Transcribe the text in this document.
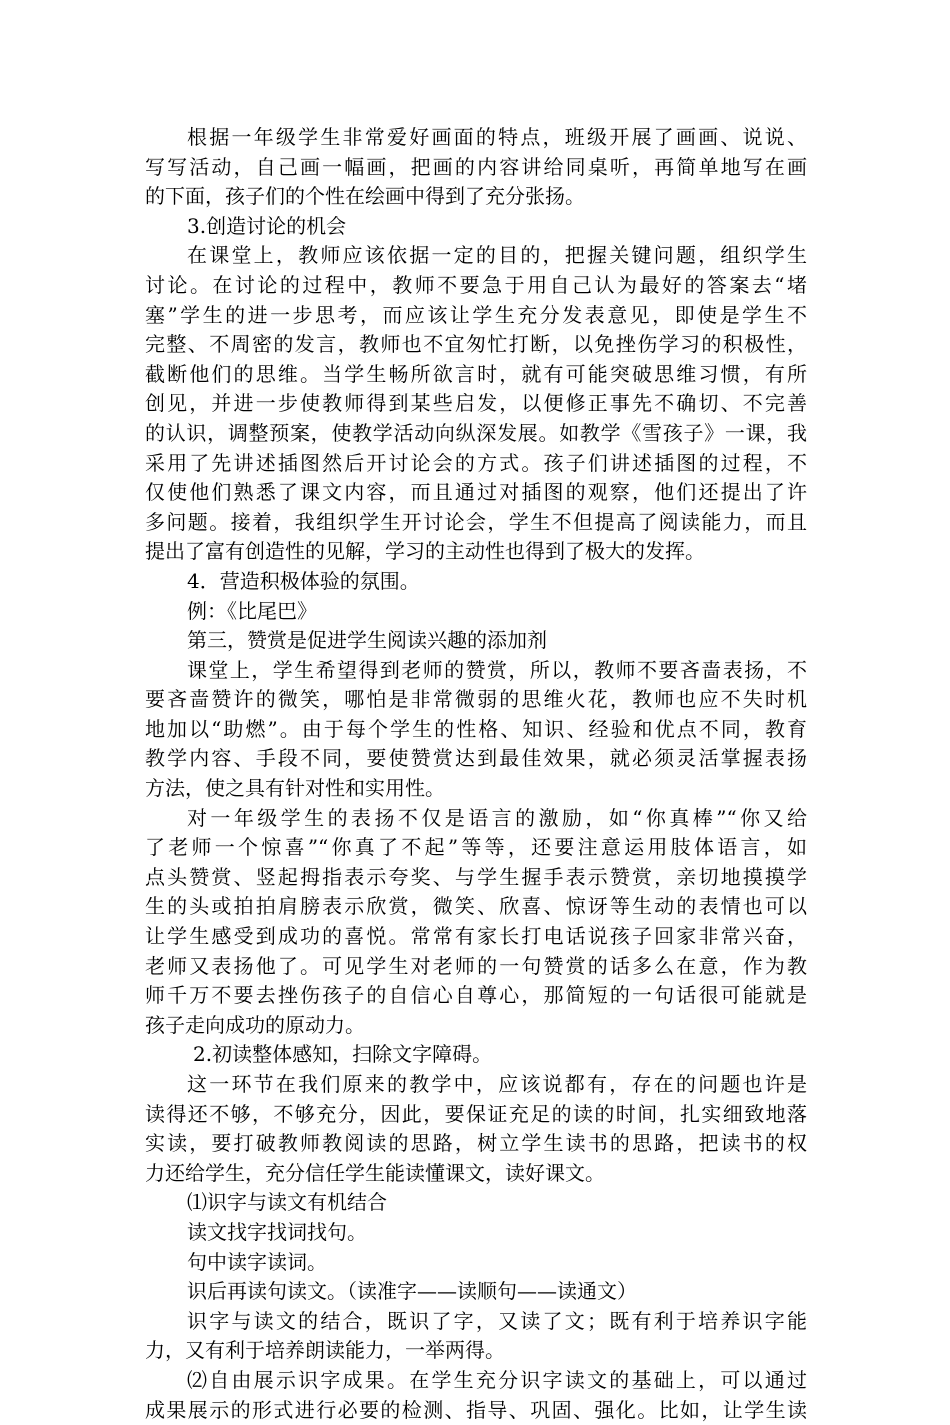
根据一年级学生非常爱好画面的特点，班级开展了画画、说说、
写写活动，自己画一幅画，把画的内容讲给同桌听，再简单地写在画
的下面，孩子们的个性在绘画中得到了充分张扬。
3.创造讨论的机会
在课堂上，教师应该依据一定的目的，把握关键问题，组织学生
讨论。在讨论的过程中，教师不要急于用自己认为最好的答案去“堵
塞”学生的进一步思考，而应该让学生充分发表意见，即使是学生不
完整、不周密的发言，教师也不宜匆忙打断，以免挫伤学习的积极性，
截断他们的思维。当学生畅所欲言时，就有可能突破思维习惯，有所
创见，并进一步使教师得到某些启发，以便修正事先不确切、不完善
的认识，调整预案，使教学活动向纵深发展。如教学《雪孩子》一课，我
采用了先讲述插图然后开讨论会的方式。孩子们讲述插图的过程，不
仅使他们熟悉了课文内容，而且通过对插图的观察，他们还提出了许
多问题。接着，我组织学生开讨论会，学生不但提高了阅读能力，而且
提出了富有创造性的见解，学习的主动性也得到了极大的发挥。
4．营造积极体验的氛围。
例：《比尾巴》
第三，赞赏是促进学生阅读兴趣的添加剂
课堂上，学生希望得到老师的赞赏，所以，教师不要吝啬表扬，不
要吝啬赞许的微笑，哪怕是非常微弱的思维火花，教师也应不失时机
地加以“助燃”。由于每个学生的性格、知识、经验和优点不同，教育
教学内容、手段不同，要使赞赏达到最佳效果，就必须灵活掌握表扬
方法，使之具有针对性和实用性。
对一年级学生的表扬不仅是语言的激励，如“你真棒”“你又给
了老师一个惊喜”“你真了不起”等等，还要注意运用肢体语言，如
点头赞赏、竖起拇指表示夸奖、与学生握手表示赞赏，亲切地摸摸学
生的头或拍拍肩膀表示欣赏，微笑、欣喜、惊讶等生动的表情也可以
让学生感受到成功的喜悦。常常有家长打电话说孩子回家非常兴奋，
老师又表扬他了。可见学生对老师的一句赞赏的话多么在意，作为教
师千万不要去挫伤孩子的自信心自尊心，那简短的一句话很可能就是
孩子走向成功的原动力。
2.初读整体感知，扫除文字障碍。
这一环节在我们原来的教学中，应该说都有，存在的问题也许是
读得还不够，不够充分，因此，要保证充足的读的时间，扎实细致地落
实读，要打破教师教阅读的思路，树立学生读书的思路，把读书的权
力还给学生，充分信任学生能读懂课文，读好课文。
⑴识字与读文有机结合
读文找字找词找句。
句中读字读词。
识后再读句读文。（读准字——读顺句——读通文）
识字与读文的结合，既识了字，又读了文；既有利于培养识字能
力，又有利于培养朗读能力，一举两得。
⑵自由展示识字成果。在学生充分识字读文的基础上，可以通过
成果展示的形式进行必要的检测、指导、巩固、强化。比如，让学生读
